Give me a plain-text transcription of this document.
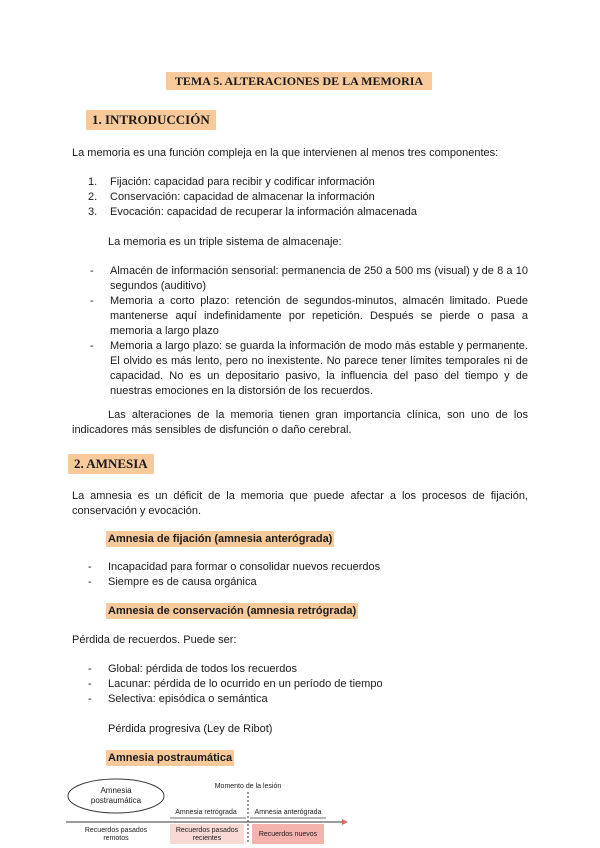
TEMA 5. ALTERACIONES DE LA MEMORIA
1. INTRODUCCIÓN
La memoria es una función compleja en la que intervienen al menos tres componentes:
1. Fijación: capacidad para recibir y codificar información
2. Conservación: capacidad de almacenar la información
3. Evocación: capacidad de recuperar la información almacenada
La memoria es un triple sistema de almacenaje:
- Almacén de información sensorial: permanencia de 250 a 500 ms (visual) y de 8 a 10 segundos (auditivo)
- Memoria a corto plazo: retención de segundos-minutos, almacén limitado. Puede mantenerse aquí indefinidamente por repetición. Después se pierde o pasa a memoria a largo plazo
- Memoria a largo plazo: se guarda la información de modo más estable y permanente. El olvido es más lento, pero no inexistente. No parece tener límites temporales ni de capacidad. No es un depositario pasivo, la influencia del paso del tiempo y de nuestras emociones en la distorsión de los recuerdos.
Las alteraciones de la memoria tienen gran importancia clínica, son uno de los indicadores más sensibles de disfunción o daño cerebral.
2. AMNESIA
La amnesia es un déficit de la memoria que puede afectar a los procesos de fijación, conservación y evocación.
Amnesia de fijación (amnesia anterógrada)
- Incapacidad para formar o consolidar nuevos recuerdos
- Siempre es de causa orgánica
Amnesia de conservación (amnesia retrógrada)
Pérdida de recuerdos. Puede ser:
- Global: pérdida de todos los recuerdos
- Lacunar: pérdida de lo ocurrido en un período de tiempo
- Selectiva: episódica o semántica
Pérdida progresiva (Ley de Ribot)
Amnesia postraumática
Amnesia
postraumática
Momento de la lesión
Amnesia retrógrada	Amnesia anterógrada
Recuerdos pasados
remotos
Recuerdos pasados
recientes
Recuerdos nuevos
